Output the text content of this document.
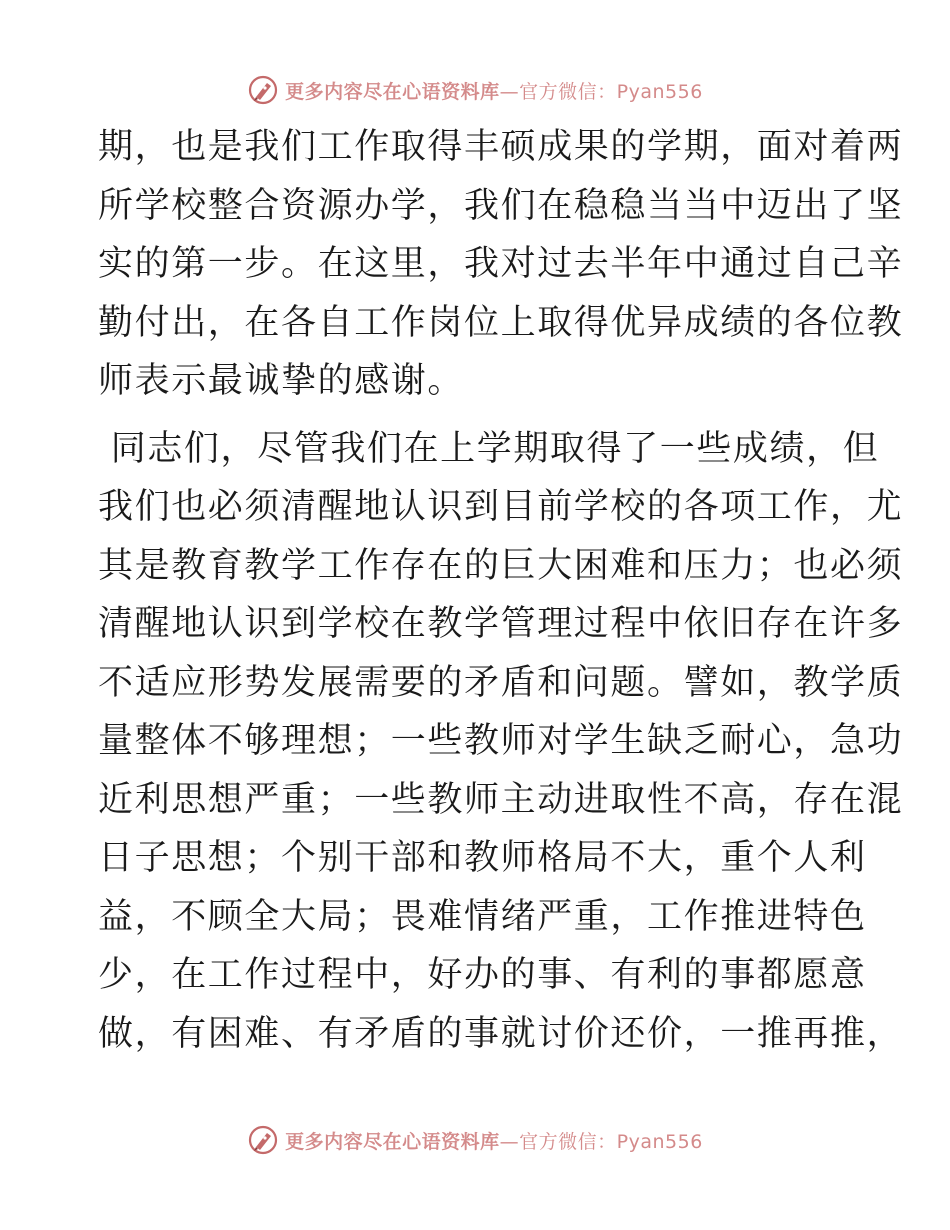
更多内容尽在心语资料库 —官方微信：Pyan556

期，也是我们工作取得丰硕成果的学期，面对着两
所学校整合资源办学，我们在稳稳当当中迈出了坚
实的第一步。在这里，我对过去半年中通过自己辛
勤付出，在各自工作岗位上取得优异成绩的各位教
师表示最诚挚的感谢。

同志们，尽管我们在上学期取得了一些成绩，但
我们也必须清醒地认识到目前学校的各项工作，尤
其是教育教学工作存在的巨大困难和压力；也必须
清醒地认识到学校在教学管理过程中依旧存在许多
不适应形势发展需要的矛盾和问题。譬如，教学质
量整体不够理想；一些教师对学生缺乏耐心，急功
近利思想严重；一些教师主动进取性不高，存在混
日子思想；个别干部和教师格局不大，重个人利
益，不顾全大局；畏难情绪严重，工作推进特色
少，在工作过程中，好办的事、有利的事都愿意
做，有困难、有矛盾的事就讨价还价，一推再推，

更多内容尽在心语资料库 —官方微信：Pyan556
